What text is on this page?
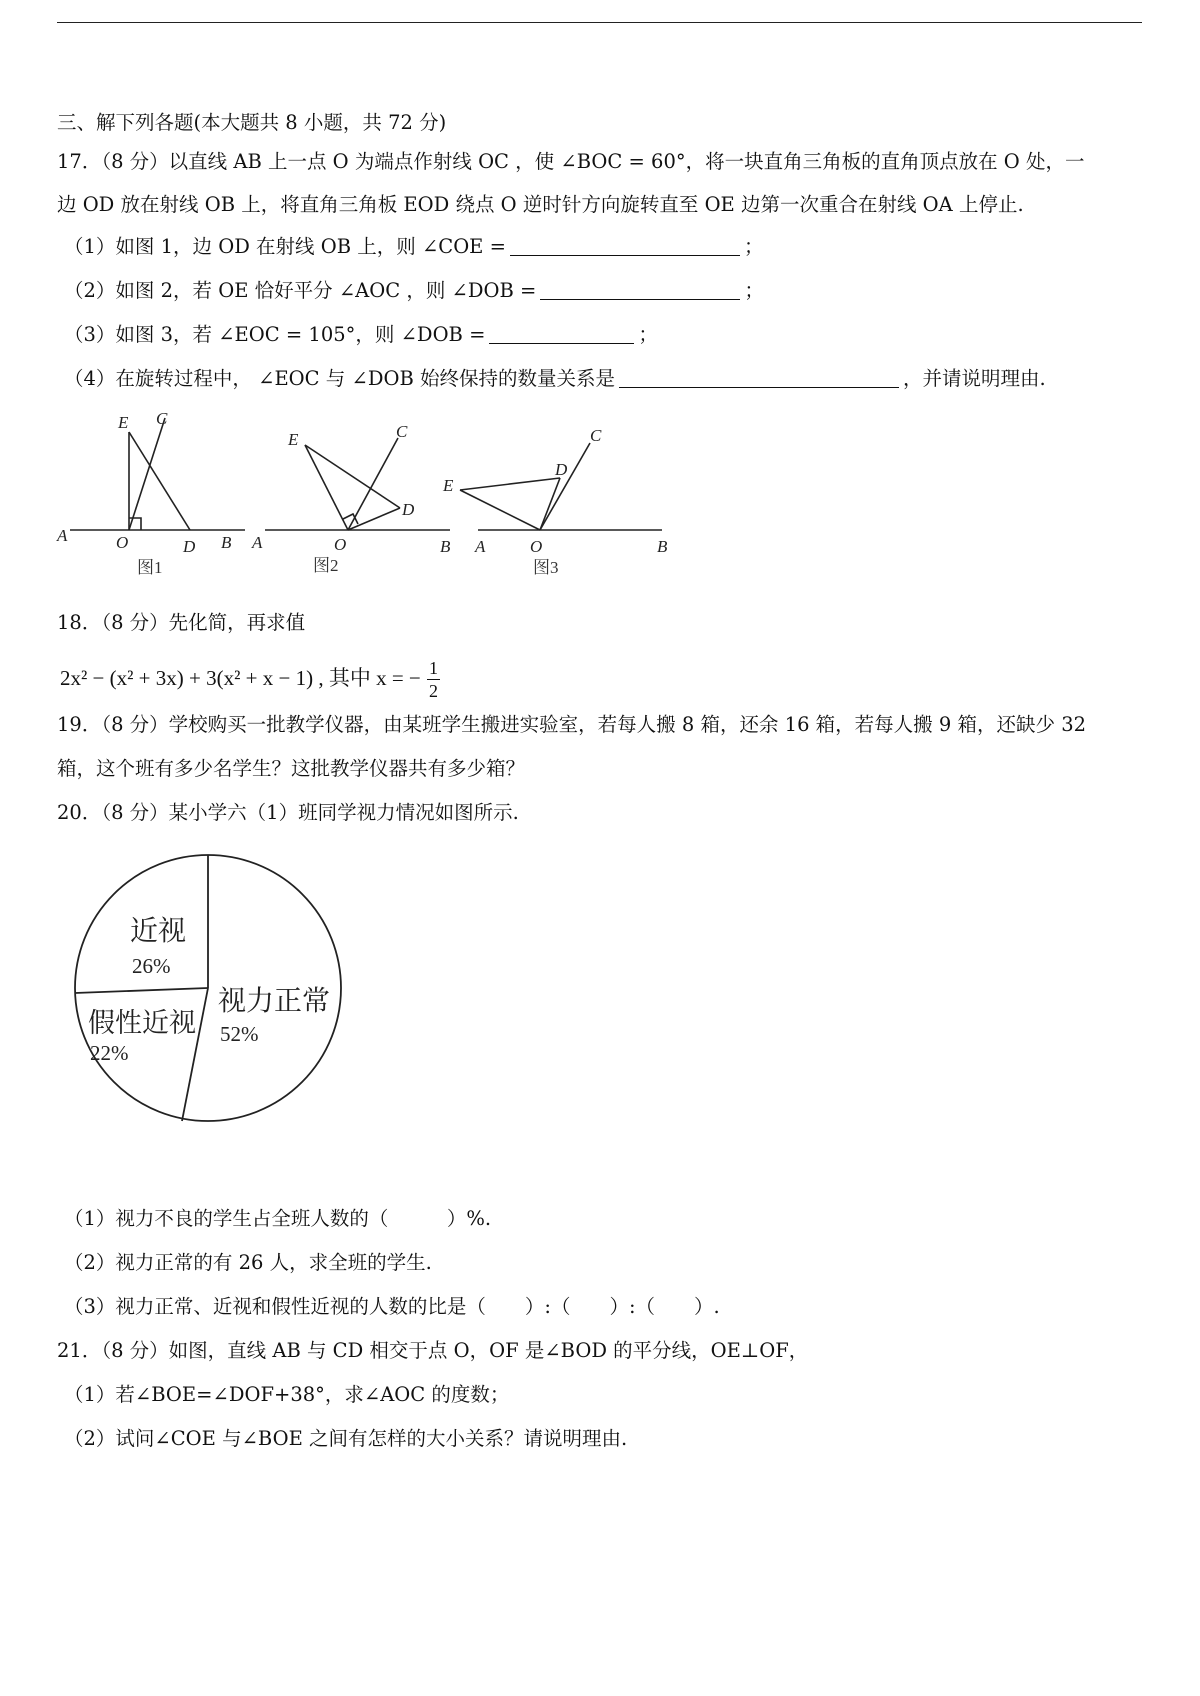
三、解下列各题(本大题共 8 小题，共 72 分)
17．（8 分）以直线 AB 上一点 O 为端点作射线 OC ，使 ∠BOC = 60°，将一块直角三角板的直角顶点放在 O 处，一
边 OD 放在射线 OB 上，将直角三角板 EOD 绕点 O 逆时针方向旋转直至 OE 边第一次重合在射线 OA 上停止.
（1）如图 1，边 OD 在射线 OB 上，则 ∠COE =	；
（2）如图 2，若 OE 恰好平分 ∠AOC ，则 ∠DOB =	；
（3）如图 3，若 ∠EOC = 105°，则 ∠DOB =	；
（4）在旋转过程中， ∠EOC 与 ∠DOB 始终保持的数量关系是	，并请说明理由.
E C
A	O	D B
图1
E	C
A	O
D
B
图2
E
C
D
A	O	B
图3
18．（8 分）先化简，再求值
2x² − (x² + 3x) + 3(x² + x − 1) , 其中 x = − $\frac{1}{2}$
19．（8 分）学校购买一批教学仪器，由某班学生搬进实验室，若每人搬 8 箱，还余 16 箱，若每人搬 9 箱，还缺少 32
箱，这个班有多少名学生？这批教学仪器共有多少箱？
20．（8 分）某小学六（1）班同学视力情况如图所示.
近视
26%
视力正常
52%
假性近视
22%
（1）视力不良的学生占全班人数的（　　　）%.
（2）视力正常的有 26 人，求全班的学生.
（3）视力正常、近视和假性近视的人数的比是（　　）:（　　）:（　　）.
21．（8 分）如图，直线 AB 与 CD 相交于点 O，OF 是∠BOD 的平分线，OE⊥OF，
（1）若∠BOE=∠DOF+38°，求∠AOC 的度数；
（2）试问∠COE 与∠BOE 之间有怎样的大小关系？请说明理由.
